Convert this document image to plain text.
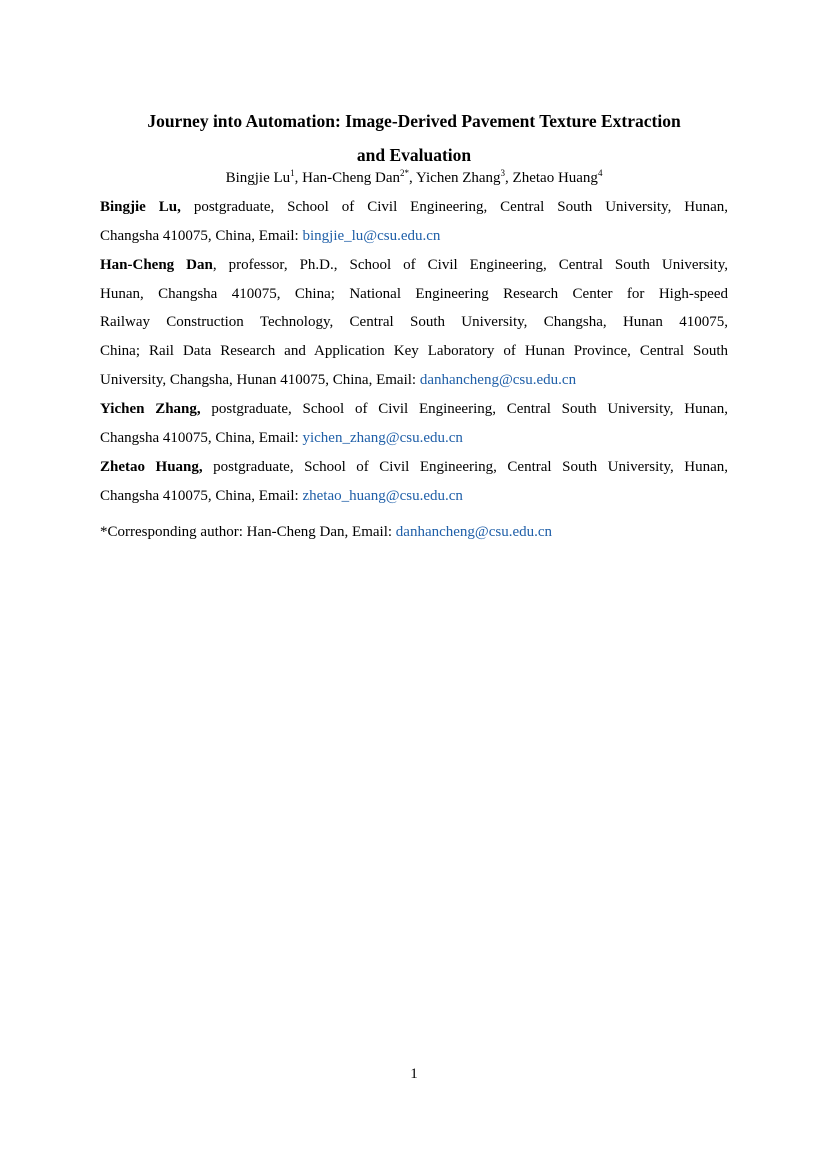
Journey into Automation: Image-Derived Pavement Texture Extraction
and Evaluation

Bingjie Lu$^1$, Han-Cheng Dan$^{2*}$, Yichen Zhang$^3$, Zhetao Huang$^4$

Bingjie Lu, postgraduate, School of Civil Engineering, Central South University, Hunan,
Changsha 410075, China, Email: bingjie_lu@csu.edu.cn
Han-Cheng Dan, professor, Ph.D., School of Civil Engineering, Central South University,
Hunan, Changsha 410075, China; National Engineering Research Center for High-speed
Railway Construction Technology, Central South University, Changsha, Hunan 410075,
China; Rail Data Research and Application Key Laboratory of Hunan Province, Central South
University, Changsha, Hunan 410075, China, Email: danhancheng@csu.edu.cn
Yichen Zhang, postgraduate, School of Civil Engineering, Central South University, Hunan,
Changsha 410075, China, Email: yichen_zhang@csu.edu.cn
Zhetao Huang, postgraduate, School of Civil Engineering, Central South University, Hunan,
Changsha 410075, China, Email: zhetao_huang@csu.edu.cn

*Corresponding author: Han-Cheng Dan, Email: danhancheng@csu.edu.cn

1
